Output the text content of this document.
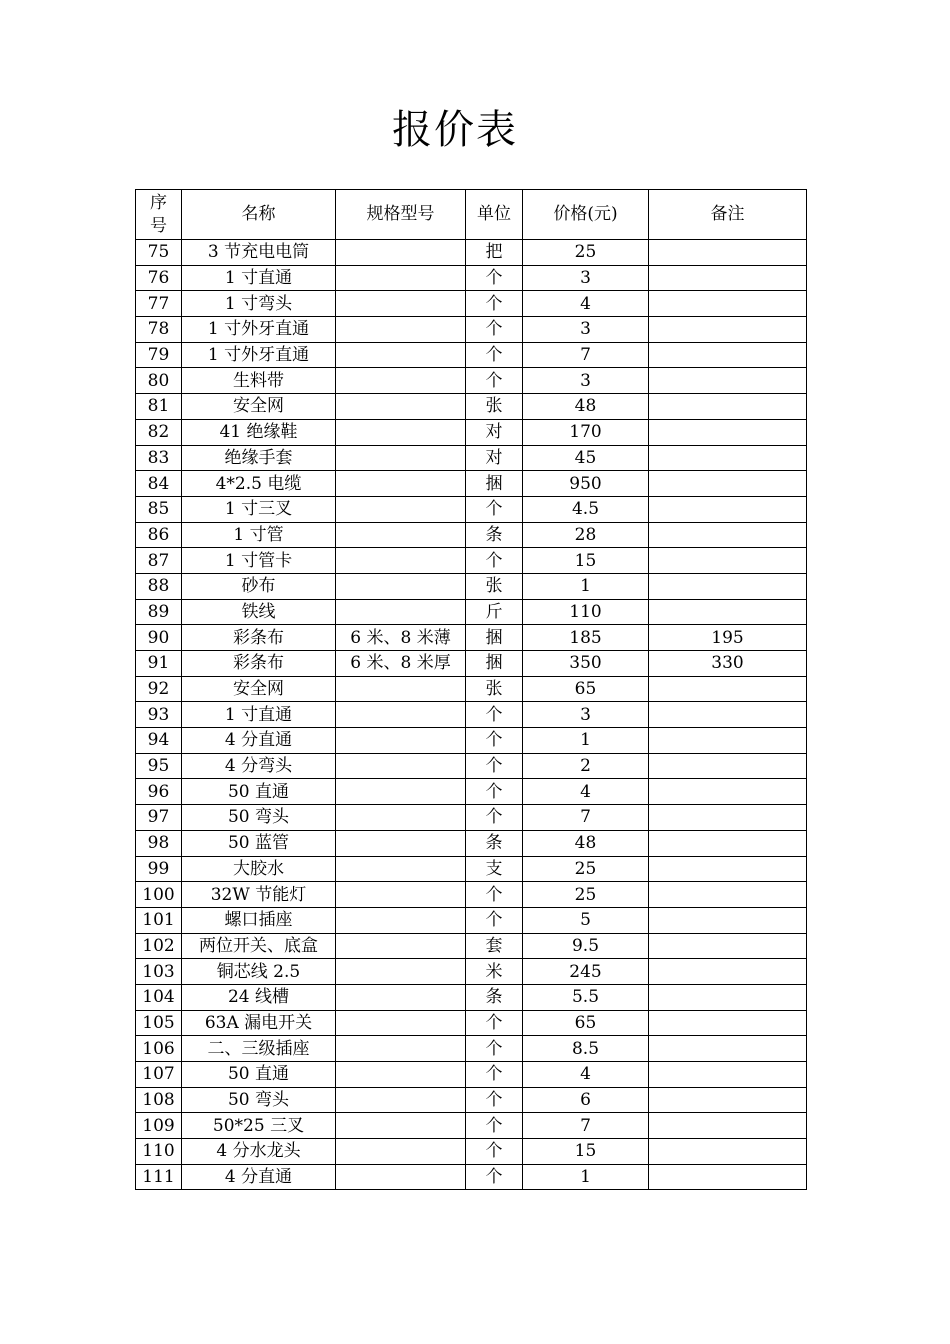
报价表
序
号	名称	规格型号	单位	价格(元)	备注
75	3 节充电电筒		把	25	
76	1 寸直通		个	3	
77	1 寸弯头		个	4	
78	1 寸外牙直通		个	3	
79	1 寸外牙直通		个	7	
80	生料带		个	3	
81	安全网		张	48	
82	41 绝缘鞋		对	170	
83	绝缘手套		对	45	
84	4*2.5 电缆		捆	950	
85	1 寸三叉		个	4.5	
86	1 寸管		条	28	
87	1 寸管卡		个	15	
88	砂布		张	1	
89	铁线		斤	110	
90	彩条布	6 米、8 米薄	捆	185	195
91	彩条布	6 米、8 米厚	捆	350	330
92	安全网		张	65	
93	1 寸直通		个	3	
94	4 分直通		个	1	
95	4 分弯头		个	2	
96	50 直通		个	4	
97	50 弯头		个	7	
98	50 蓝管		条	48	
99	大胶水		支	25	
100	32W 节能灯		个	25	
101	螺口插座		个	5	
102	两位开关、底盒		套	9.5	
103	铜芯线 2.5		米	245	
104	24 线槽		条	5.5	
105	63A 漏电开关		个	65	
106	二、三级插座		个	8.5	
107	50 直通		个	4	
108	50 弯头		个	6	
109	50*25 三叉		个	7	
110	4 分水龙头		个	15	
111	4 分直通		个	1	
